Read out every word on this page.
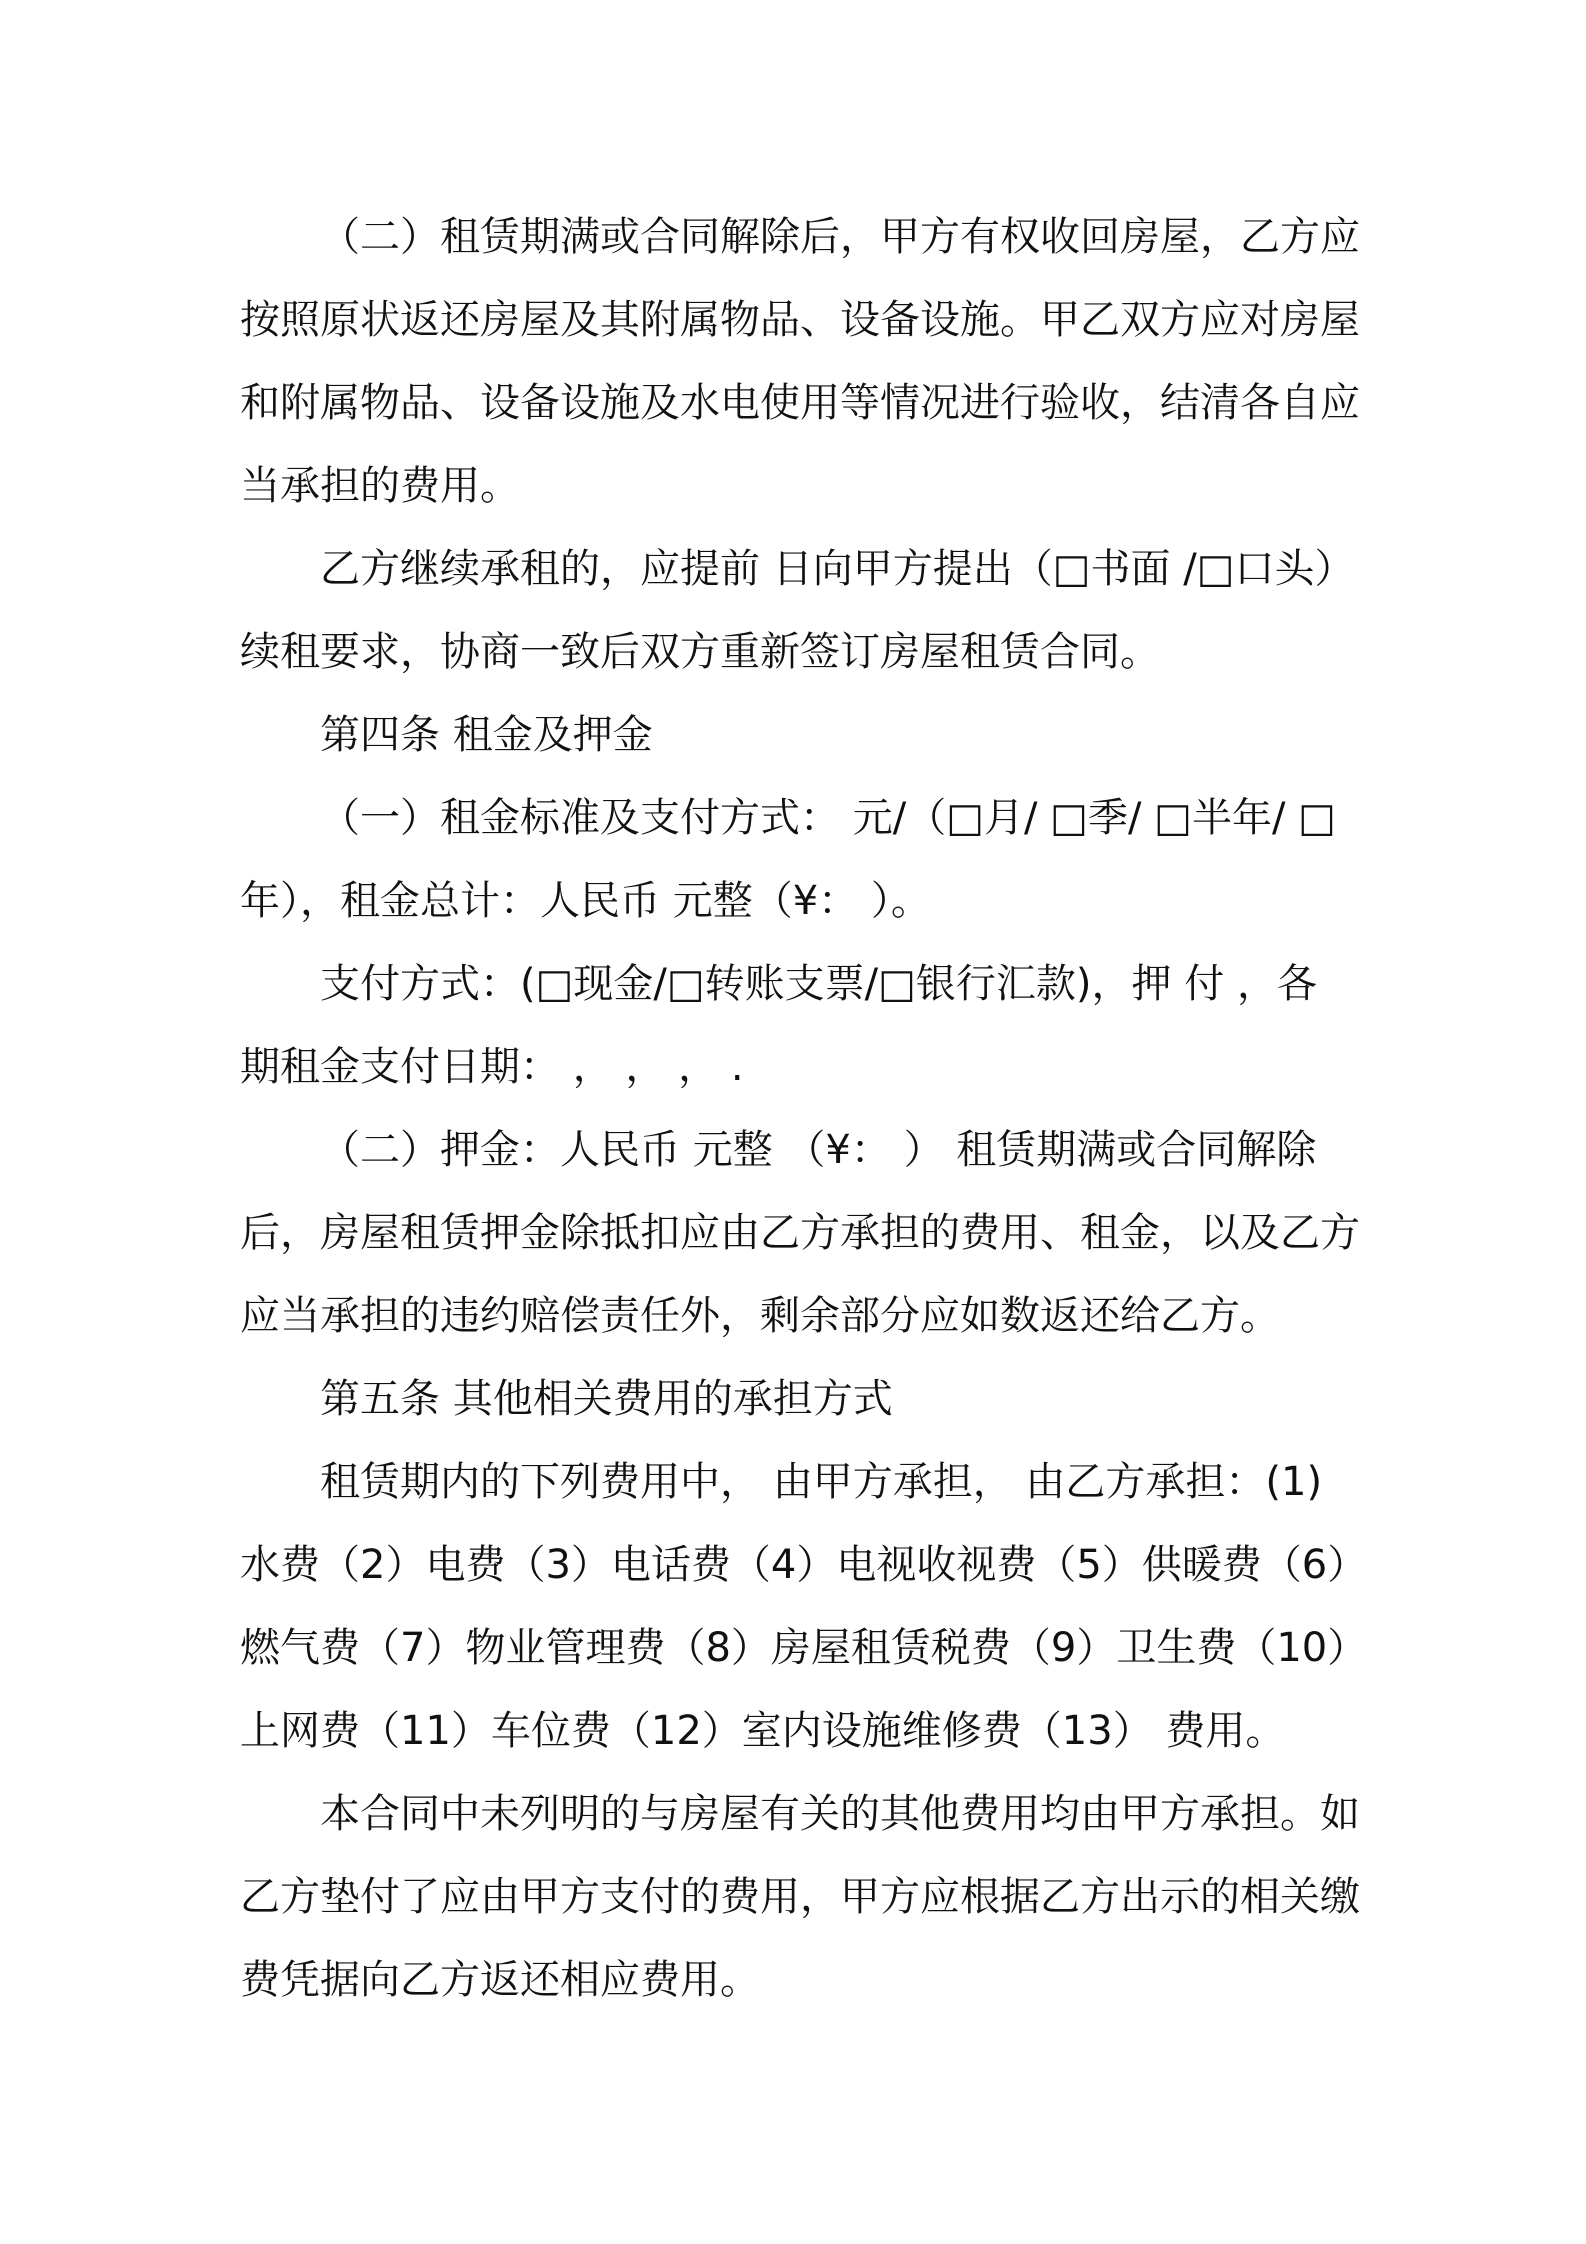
（二）租赁期满或合同解除后，甲方有权收回房屋，乙方应
按照原状返还房屋及其附属物品、设备设施。甲乙双方应对房屋
和附属物品、设备设施及水电使用等情况进行验收，结清各自应
当承担的费用。
乙方继续承租的，应提前 日向甲方提出（□书面 /□口头）
续租要求，协商一致后双方重新签订房屋租赁合同。
第四条 租金及押金
（一）租金标准及支付方式： 元/（□月/ □季/ □半年/ □
年），租金总计：人民币 元整（¥： ）。
支付方式：(□现金/□转账支票/□银行汇款)，押 付 ，各
期租金支付日期： ， ， ， .
（二）押金：人民币 元整 （¥： ） 租赁期满或合同解除
后，房屋租赁押金除抵扣应由乙方承担的费用、租金，以及乙方
应当承担的违约赔偿责任外，剩余部分应如数返还给乙方。
第五条 其他相关费用的承担方式
租赁期内的下列费用中， 由甲方承担， 由乙方承担：(1)
水费（2）电费（3）电话费（4）电视收视费（5）供暖费（6）
燃气费（7）物业管理费（8）房屋租赁税费（9）卫生费（10）
上网费（11）车位费（12）室内设施维修费（13） 费用。
本合同中未列明的与房屋有关的其他费用均由甲方承担。如
乙方垫付了应由甲方支付的费用，甲方应根据乙方出示的相关缴
费凭据向乙方返还相应费用。
